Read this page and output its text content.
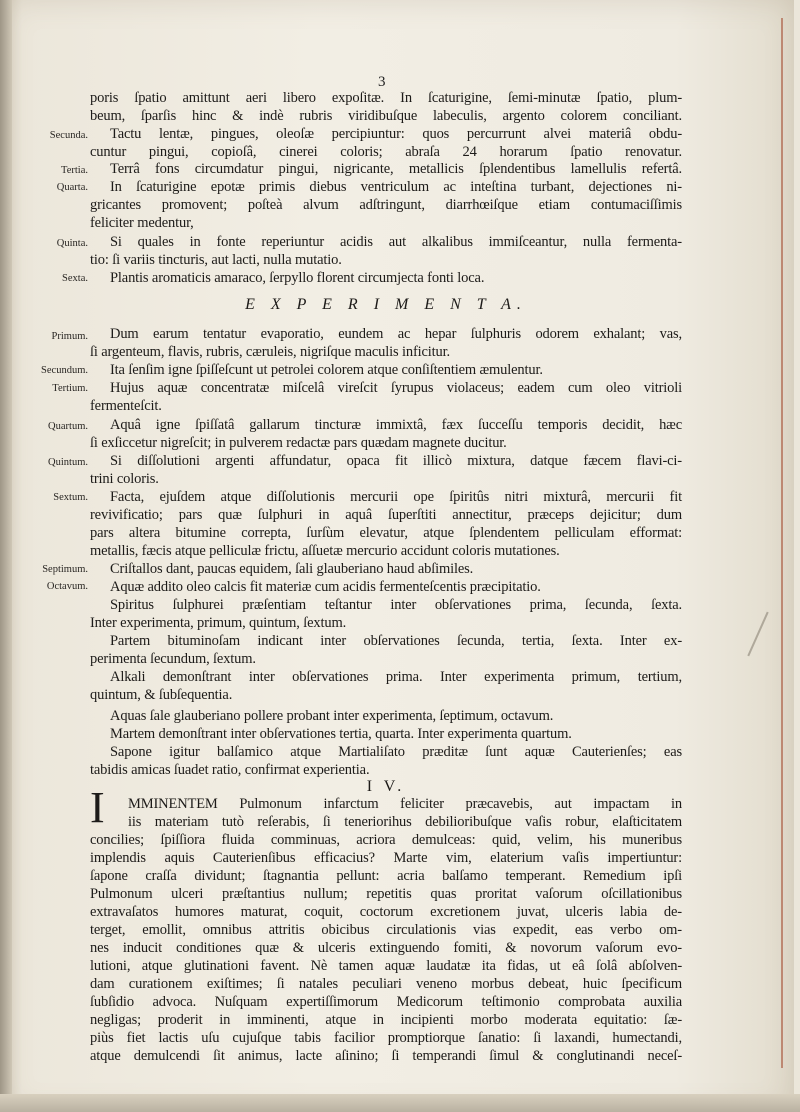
3
Secunda.
Tertia.
Quarta.
Quinta.
Sexta.
Primum.
Secundum.
Tertium.
Quartum.
Quintum.
Sextum.
Septimum.
Octavum.
poris ſpatio amittunt aeri libero expoſitæ. In ſcaturigine, ſemi-minutæ ſpatio, plum-
beum, ſparſis hinc & indè rubris viridibuſque labeculis, argento colorem conciliant.
Tactu lentæ, pingues, oleoſæ percipiuntur: quos percurrunt alvei materiâ obdu-
cuntur pingui, copioſâ, cinerei coloris; abraſa 24 horarum ſpatio renovatur.
Terrâ fons circumdatur pingui, nigricante, metallicis ſplendentibus lamellulis refertâ.
In ſcaturigine epotæ primis diebus ventriculum ac inteſtina turbant, dejectiones ni-
gricantes promovent; poſteà alvum adſtringunt, diarrhœiſque etiam contumaciſſimis
feliciter medentur,
Si quales in fonte reperiuntur acidis aut alkalibus immiſceantur, nulla fermenta-
tio: ſi variis tincturis, aut lacti, nulla mutatio.
Plantis aromaticis amaraco, ſerpyllo florent circumjecta fonti loca.
E X P E R I M E N T A.
Dum earum tentatur evaporatio, eundem ac hepar ſulphuris odorem exhalant; vas,
ſi argenteum, flavis, rubris, cæruleis, nigriſque maculis inficitur.
Ita ſenſim igne ſpiſſeſcunt ut petrolei colorem atque conſiſtentiem æmulentur.
Hujus aquæ concentratæ miſcelâ vireſcit ſyrupus violaceus; eadem cum oleo vitrioli
fermenteſcit.
Aquâ igne ſpiſſatâ gallarum tincturæ immixtâ, fæx ſucceſſu temporis decidit, hæc
ſi exſiccetur nigreſcit; in pulverem redactæ pars quædam magnete ducitur.
Si diſſolutioni argenti affundatur, opaca fit illicò mixtura, datque fæcem flavi-ci-
trini coloris.
Facta, ejuſdem atque diſſolutionis mercurii ope ſpiritûs nitri mixturâ, mercurii fit
revivificatio; pars quæ ſulphuri in aquâ ſuperſtiti annectitur, præceps dejicitur; dum
pars altera bitumine correpta, ſurſùm elevatur, atque ſplendentem pelliculam efformat:
metallis, fæcis atque pelliculæ frictu, aſſuetæ mercurio accidunt coloris mutationes.
Criſtallos dant, paucas equidem, ſali glauberiano haud abſimiles.
Aquæ addito oleo calcis fit materiæ cum acidis fermenteſcentis præcipitatio.
Spiritus ſulphurei præſentiam teſtantur inter obſervationes prima, ſecunda, ſexta.
Inter experimenta, primum, quintum, ſextum.
Partem bituminoſam indicant inter obſervationes ſecunda, tertia, ſexta. Inter ex-
perimenta ſecundum, ſextum.
Alkali demonſtrant inter obſervationes prima. Inter experimenta primum, tertium,
quintum, & ſubſequentia.
Aquas ſale glauberiano pollere probant inter experimenta, ſeptimum, octavum.
Martem demonſtrant inter obſervationes tertia, quarta. Inter experimenta quartum.
Sapone igitur balſamico atque Martialiſato præditæ ſunt aquæ Cauterienſes; eas
tabidis amicas ſuadet ratio, confirmat experientia.
I V.
I MMINENTEM Pulmonum infarctum feliciter præcavebis, aut impactam in
iis materiam tutò reſerabis, ſi teneriorihus debilioribuſque vaſis robur, elaſticitatem
concilies; ſpiſſiora fluida comminuas, acriora demulceas: quid, velim, his muneribus
implendis aquis Cauterienſibus efficacius? Marte vim, elaterium vaſis impertiuntur:
ſapone craſſa dividunt; ſtagnantia pellunt: acria balſamo temperant. Remedium ipſi
Pulmonum ulceri præſtantius nullum; repetitis quas proritat vaſorum oſcillationibus
extravaſatos humores maturat, coquit, coctorum excretionem juvat, ulceris labia de-
terget, emollit, omnibus attritis obicibus circulationis vias expedit, eas verbo om-
nes inducit conditiones quæ & ulceris extinguendo fomiti, & novorum vaſorum evo-
lutioni, atque glutinationi favent. Nè tamen aquæ laudatæ ita fidas, ut eâ ſolâ abſolven-
dam curationem exiſtimes; ſi natales peculiari veneno morbus debeat, huic ſpecificum
ſubſidio advoca. Nuſquam expertiſſimorum Medicorum teſtimonio comprobata auxilia
negligas; proderit in imminenti, atque in incipienti morbo moderata equitatio: ſæ-
piùs fiet lactis uſu cujuſque tabis facilior promptiorque ſanatio: ſi laxandi, humectandi,
atque demulcendi ſit animus, lacte aſinino; ſi temperandi ſimul & conglutinandi neceſ-
